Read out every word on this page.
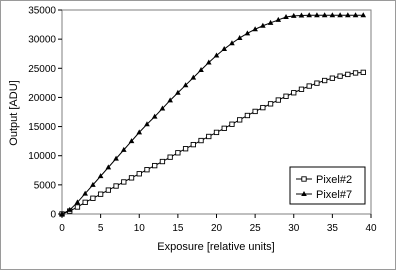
0
5000
10000
15000
20000
25000
30000
35000
0	5	10	15	20	25	30	35	40
Output [ADU]
Exposure [relative units]
Pixel#2
Pixel#7
